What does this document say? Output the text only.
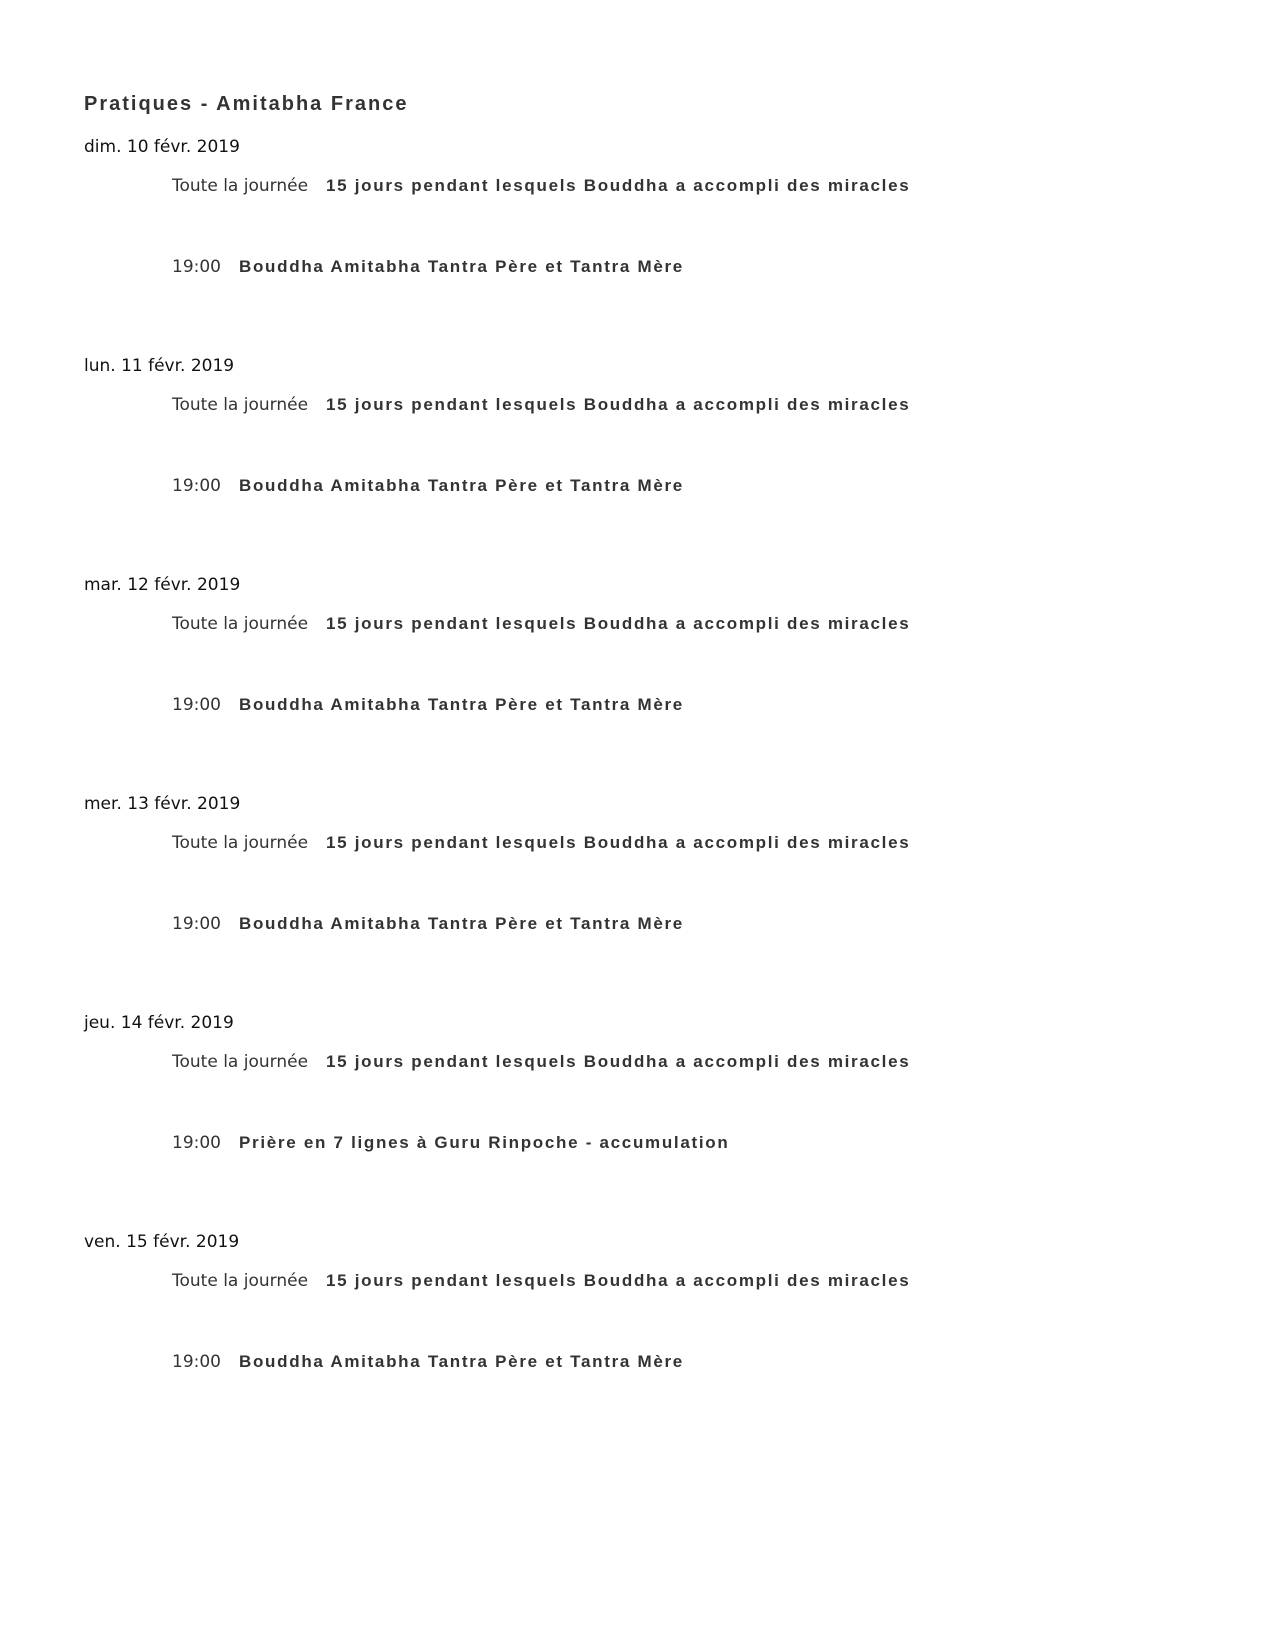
Pratiques - Amitabha France
dim. 10 févr. 2019
Toute la journée 15 jours pendant lesquels Bouddha a accompli des miracles
19:00 Bouddha Amitabha Tantra Père et Tantra Mère
lun. 11 févr. 2019
Toute la journée 15 jours pendant lesquels Bouddha a accompli des miracles
19:00 Bouddha Amitabha Tantra Père et Tantra Mère
mar. 12 févr. 2019
Toute la journée 15 jours pendant lesquels Bouddha a accompli des miracles
19:00 Bouddha Amitabha Tantra Père et Tantra Mère
mer. 13 févr. 2019
Toute la journée 15 jours pendant lesquels Bouddha a accompli des miracles
19:00 Bouddha Amitabha Tantra Père et Tantra Mère
jeu. 14 févr. 2019
Toute la journée 15 jours pendant lesquels Bouddha a accompli des miracles
19:00 Prière en 7 lignes à Guru Rinpoche - accumulation
ven. 15 févr. 2019
Toute la journée 15 jours pendant lesquels Bouddha a accompli des miracles
19:00 Bouddha Amitabha Tantra Père et Tantra Mère
